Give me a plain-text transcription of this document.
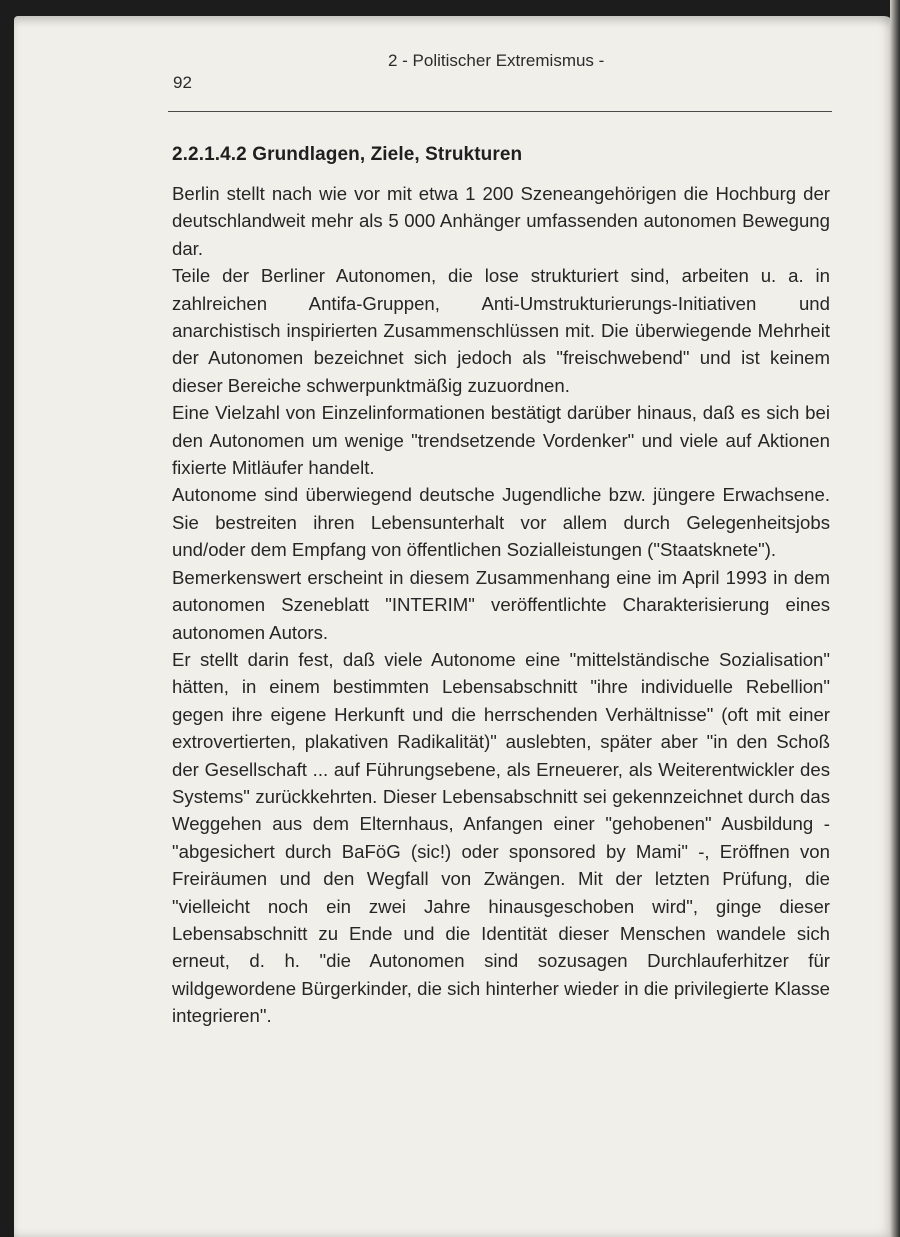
2 - Politischer Extremismus -
92
2.2.1.4.2 Grundlagen, Ziele, Strukturen

Berlin stellt nach wie vor mit etwa 1 200 Szeneangehörigen die Hochburg der deutschlandweit mehr als 5 000 Anhänger umfassenden autonomen Bewegung dar.

Teile der Berliner Autonomen, die lose strukturiert sind, arbeiten u. a. in zahlreichen Antifa-Gruppen, Anti-Umstrukturierungs-Initiativen und anarchistisch inspirierten Zusammenschlüssen mit. Die überwiegende Mehrheit der Autonomen bezeichnet sich jedoch als "freischwebend" und ist keinem dieser Bereiche schwerpunktmäßig zuzuordnen.

Eine Vielzahl von Einzelinformationen bestätigt darüber hinaus, daß es sich bei den Autonomen um wenige "trendsetzende Vordenker" und viele auf Aktionen fixierte Mitläufer handelt.

Autonome sind überwiegend deutsche Jugendliche bzw. jüngere Erwachsene. Sie bestreiten ihren Lebensunterhalt vor allem durch Gelegenheitsjobs und/oder dem Empfang von öffentlichen Sozialleistungen ("Staatsknete").

Bemerkenswert erscheint in diesem Zusammenhang eine im April 1993 in dem autonomen Szeneblatt "INTERIM" veröffentlichte Charakterisierung eines autonomen Autors.

Er stellt darin fest, daß viele Autonome eine "mittelständische Sozialisation" hätten, in einem bestimmten Lebensabschnitt "ihre individuelle Rebellion" gegen ihre eigene Herkunft und die herrschenden Verhältnisse" (oft mit einer extrovertierten, plakativen Radikalität)" auslebten, später aber "in den Schoß der Gesellschaft ... auf Führungsebene, als Erneuerer, als Weiterentwickler des Systems" zurückkehrten. Dieser Lebensabschnitt sei gekennzeichnet durch das Weggehen aus dem Elternhaus, Anfangen einer "gehobenen" Ausbildung - "abgesichert durch BaFöG (sic!) oder sponsored by Mami" -, Eröffnen von Freiräumen und den Wegfall von Zwängen. Mit der letzten Prüfung, die "vielleicht noch ein zwei Jahre hinausgeschoben wird", ginge dieser Lebensabschnitt zu Ende und die Identität dieser Menschen wandele sich erneut, d. h. "die Autonomen sind sozusagen Durchlauferhitzer für wildgewordene Bürgerkinder, die sich hinterher wieder in die privilegierte Klasse integrieren".
